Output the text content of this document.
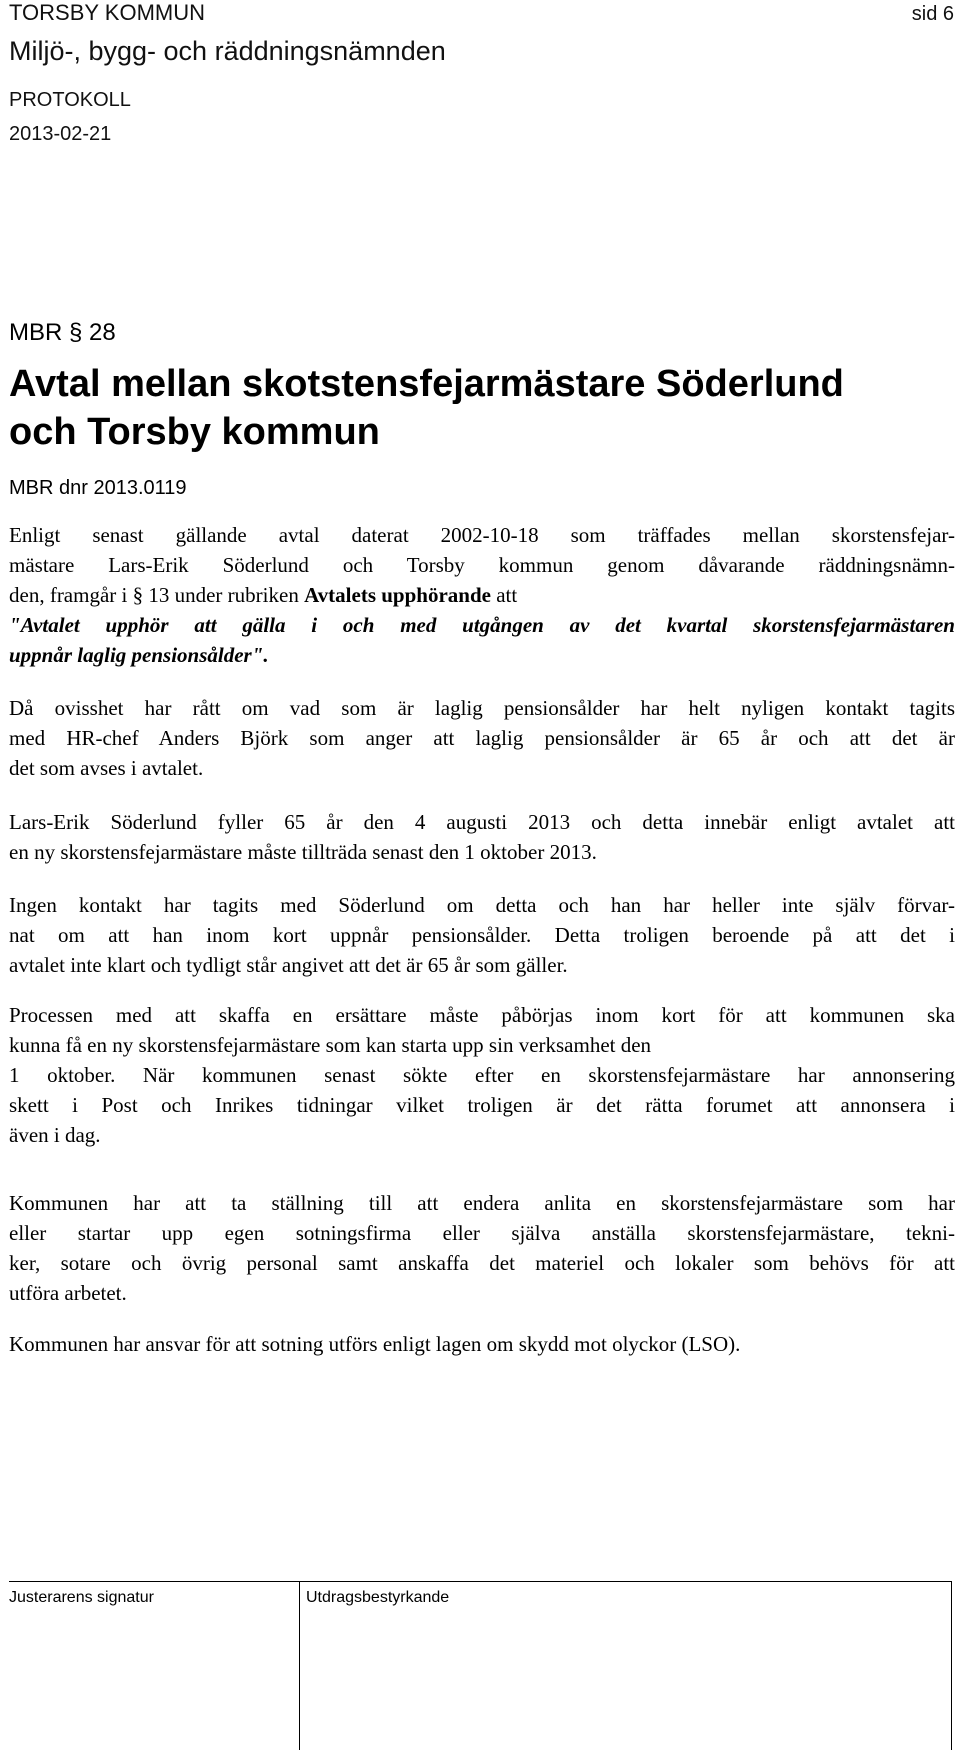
TORSBY KOMMUN
Miljö-, bygg- och räddningsnämnden
sid 6
PROTOKOLL
2013-02-21
MBR § 28
Avtal mellan skotstensfejarmästare Söderlund
och Torsby kommun
MBR dnr 2013.0119
Enligt senast gällande avtal daterat 2002-10-18 som träffades mellan skorstensfejar-
mästare Lars-Erik Söderlund och Torsby kommun genom dåvarande räddningsnämn-
den, framgår i § 13 under rubriken Avtalets upphörande att
"Avtalet upphör att gälla i och med utgången av det kvartal skorstensfejarmästaren
uppnår laglig pensionsålder".
Då ovisshet har rått om vad som är laglig pensionsålder har helt nyligen kontakt tagits
med HR-chef Anders Björk som anger att laglig pensionsålder är 65 år och att det är
det som avses i avtalet.
Lars-Erik Söderlund fyller 65 år den 4 augusti 2013 och detta innebär enligt avtalet att
en ny skorstensfejarmästare måste tillträda senast den 1 oktober 2013.
Ingen kontakt har tagits med Söderlund om detta och han har heller inte själv förvar-
nat om att han inom kort uppnår pensionsålder. Detta troligen beroende på att det i
avtalet inte klart och tydligt står angivet att det är 65 år som gäller.
Processen med att skaffa en ersättare måste påbörjas inom kort för att kommunen ska
kunna få en ny skorstensfejarmästare som kan starta upp sin verksamhet den
1 oktober. När kommunen senast sökte efter en skorstensfejarmästare har annonsering
skett i Post och Inrikes tidningar vilket troligen är det rätta forumet att annonsera i
även i dag.
Kommunen har att ta ställning till att endera anlita en skorstensfejarmästare som har
eller startar upp egen sotningsfirma eller själva anställa skorstensfejarmästare, tekni-
ker, sotare och övrig personal samt anskaffa det materiel och lokaler som behövs för att
utföra arbetet.
Kommunen har ansvar för att sotning utförs enligt lagen om skydd mot olyckor (LSO).
Justerarens signatur	Utdragsbestyrkande
